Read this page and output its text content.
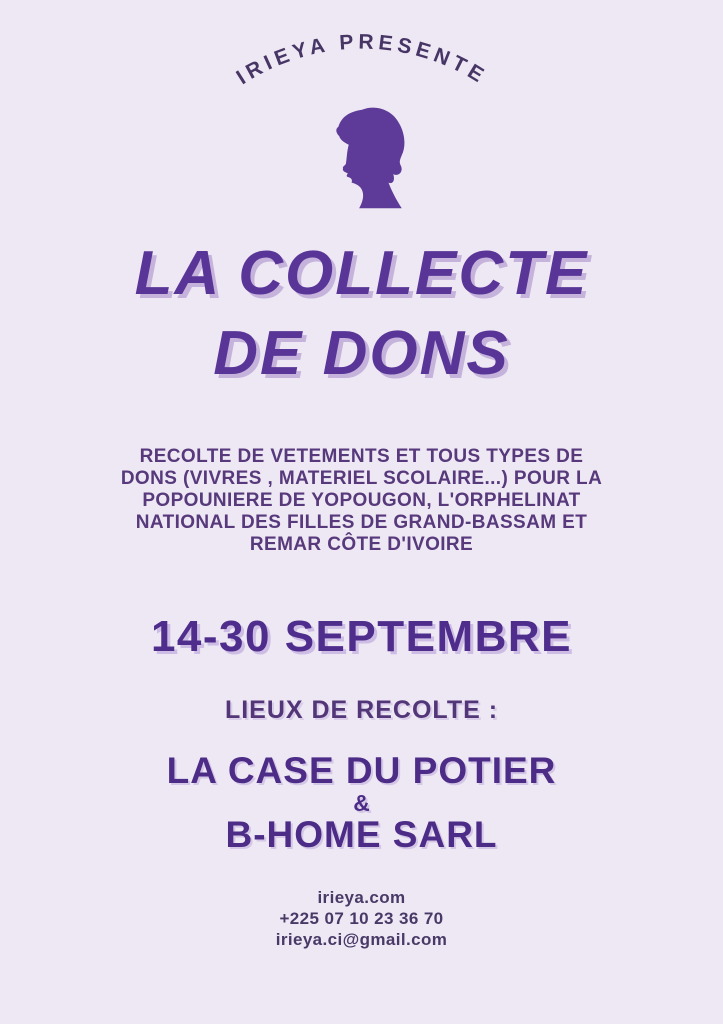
IRIEYA PRESENTE
LA COLLECTE
DE DONS
RECOLTE DE VETEMENTS ET TOUS TYPES DE DONS (VIVRES , MATERIEL SCOLAIRE...) POUR LA POPOUNIERE DE YOPOUGON, L'ORPHELINAT NATIONAL DES FILLES DE GRAND-BASSAM ET REMAR CÔTE D'IVOIRE
14-30 SEPTEMBRE
LIEUX DE RECOLTE :
LA CASE DU POTIER
&
B-HOME SARL
irieya.com
+225 07 10 23 36 70
irieya.ci@gmail.com
